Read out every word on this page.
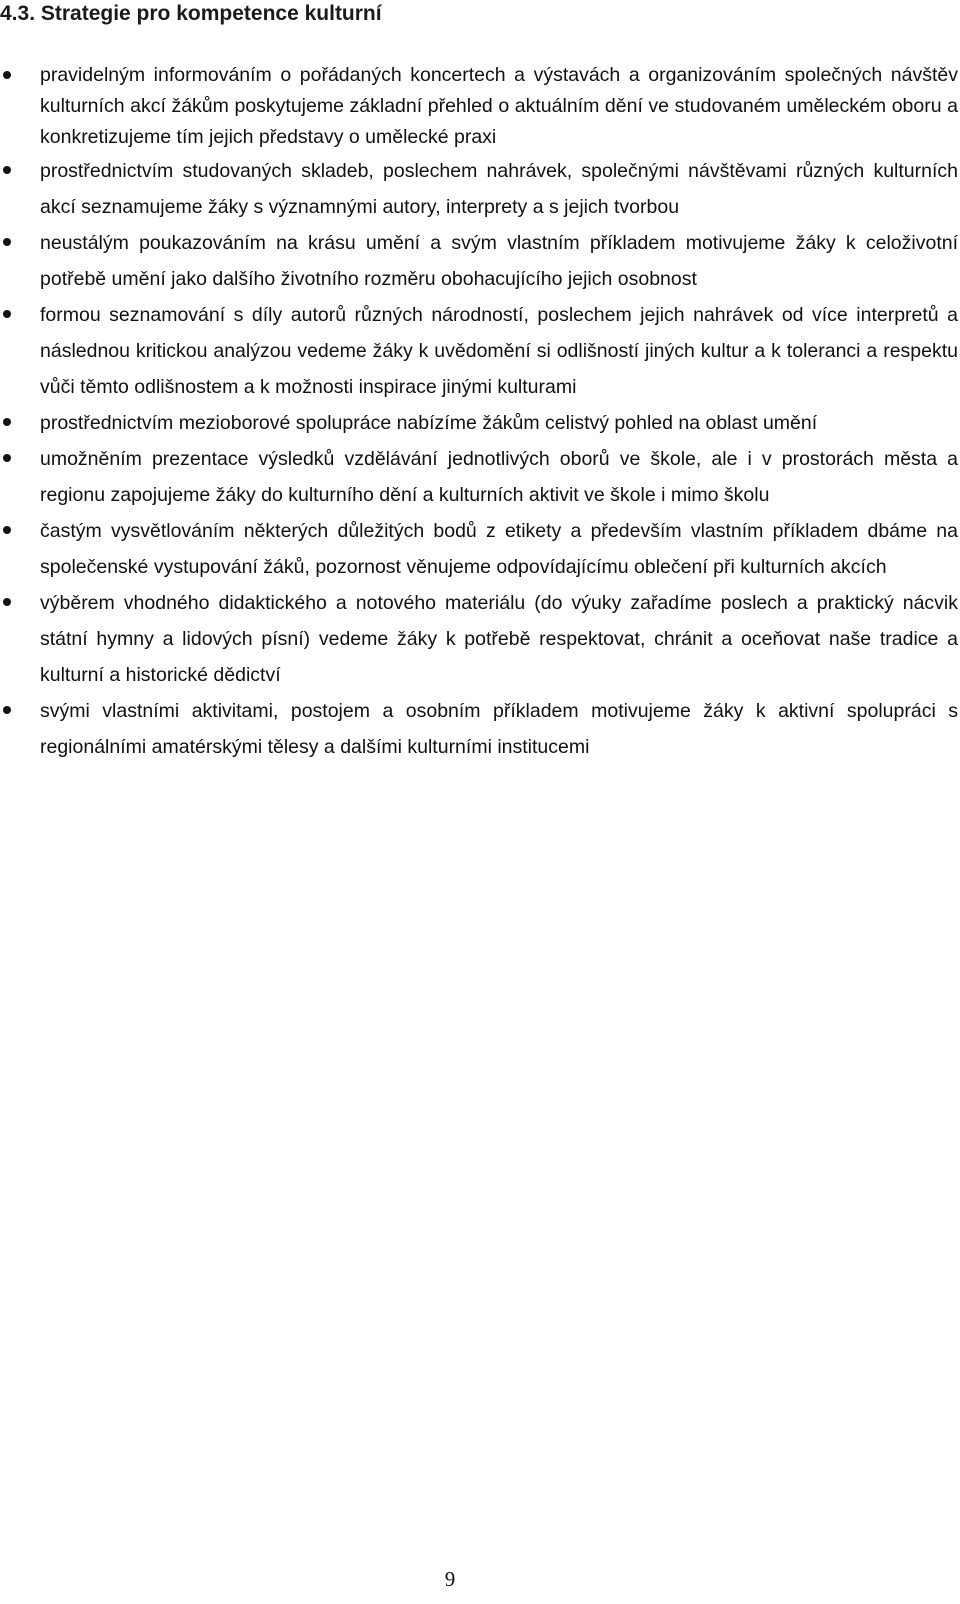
4.3. Strategie pro kompetence kulturní
pravidelným informováním o pořádaných koncertech a výstavách a organizováním společných návštěv kulturních akcí žákům poskytujeme základní přehled o aktuálním dění ve studovaném uměleckém oboru a konkretizujeme tím jejich představy o umělecké praxi
prostřednictvím studovaných skladeb, poslechem nahrávek, společnými návštěvami různých kulturních akcí seznamujeme žáky s významnými autory, interprety a s jejich tvorbou
neustálým poukazováním na krásu umění a svým vlastním příkladem motivujeme žáky k celoživotní potřebě umění jako dalšího životního rozměru obohacujícího jejich osobnost
formou seznamování s díly autorů různých národností, poslechem jejich nahrávek od více interpretů a následnou kritickou analýzou vedeme žáky k uvědomění si odlišností jiných kultur a k toleranci a respektu vůči těmto odlišnostem a k možnosti inspirace jinými kulturami
prostřednictvím mezioborové spolupráce nabízíme žákům celistvý pohled na oblast umění
umožněním prezentace výsledků vzdělávání jednotlivých oborů ve škole, ale i v prostorách města a regionu zapojujeme žáky do kulturního dění a kulturních aktivit ve škole i mimo školu
častým vysvětlováním některých důležitých bodů z etikety a především vlastním příkladem dbáme na společenské vystupování žáků, pozornost věnujeme odpovídajícímu oblečení při kulturních akcích
výběrem vhodného didaktického a notového materiálu (do výuky zařadíme poslech a praktický nácvik státní hymny a lidových písní) vedeme žáky k potřebě respektovat, chránit a oceňovat naše tradice a kulturní a historické dědictví
svými vlastními aktivitami, postojem a osobním příkladem motivujeme žáky k aktivní spolupráci s regionálními amatérskými tělesy a dalšími kulturními institucemi
9
